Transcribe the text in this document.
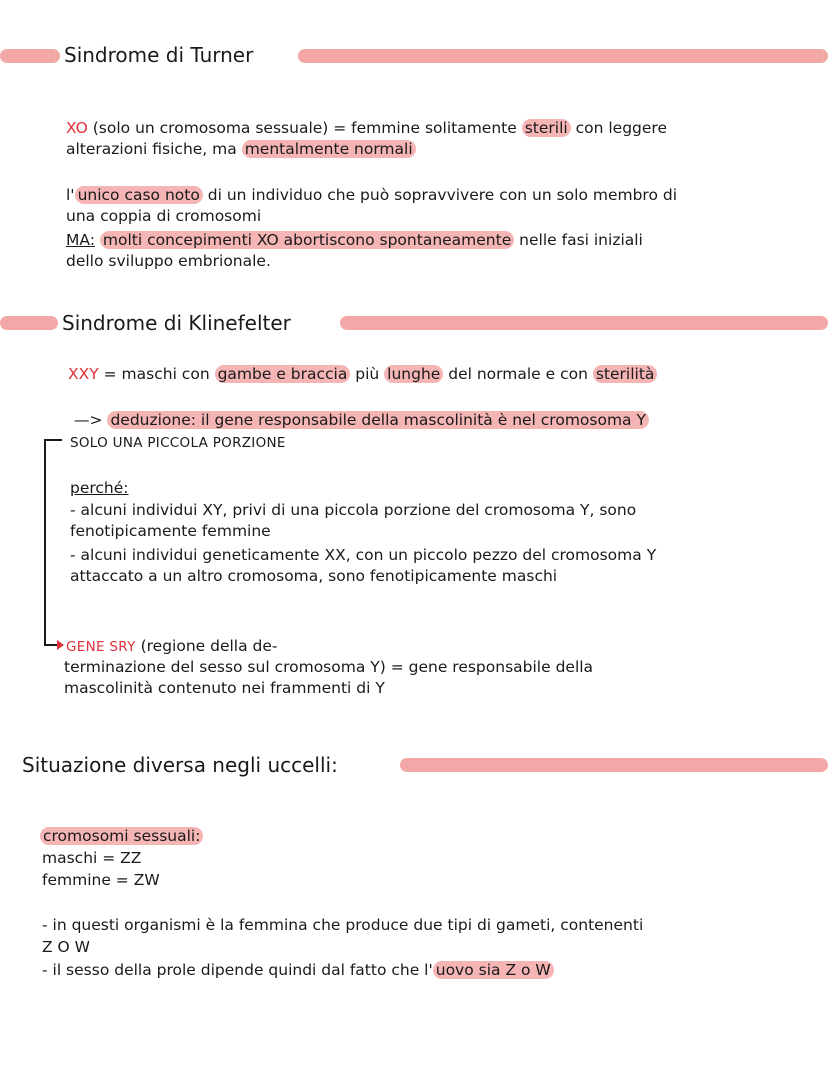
Sindrome di Turner
XO (solo un cromosoma sessuale) = femmine solitamente sterili con leggere
alterazioni fisiche, ma mentalmente normali
l' unico caso noto di un individuo che può sopravvivere con un solo membro di
una coppia di cromosomi
MA: molti concepimenti XO abortiscono spontaneamente nelle fasi iniziali
dello sviluppo embrionale.
Sindrome di Klinefelter
XXY = maschi con gambe e braccia più lunghe del normale e con sterilità
—> deduzione: il gene responsabile della mascolinità è nel cromosoma Y
SOLO UNA PICCOLA PORZIONE
perché:
- alcuni individui XY, privi di una piccola porzione del cromosoma Y, sono
fenotipicamente femmine
- alcuni individui geneticamente XX, con un piccolo pezzo del cromosoma Y
attaccato a un altro cromosoma, sono fenotipicamente maschi
GENE SRY (regione della de-
terminazione del sesso sul cromosoma Y) = gene responsabile della
mascolinità contenuto nei frammenti di Y
Situazione diversa negli uccelli:
cromosomi sessuali:
maschi = ZZ
femmine = ZW
- in questi organismi è la femmina che produce due tipi di gameti, contenenti
Z O W
- il sesso della prole dipende quindi dal fatto che l' uovo sia Z o W
